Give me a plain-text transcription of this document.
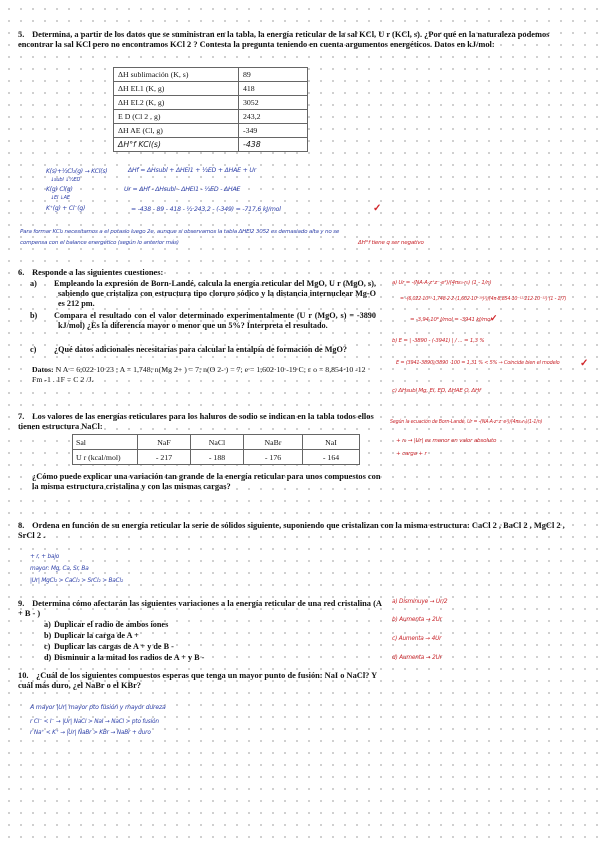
5. Determina, a partir de los datos que se suministran en la tabla, la energía reticular de la sal KCl, U r (KCl, s). ¿Por qué en la naturaleza podemos encontrar la sal KCl pero no encontramos KCl 2 ? Contesta la pregunta teniendo en cuenta argumentos energéticos. Datos en kJ/mol:
ΔH sublimación (K, s)	89
ΔH EI.1 (K, g)	418
ΔH EI.2 (K, g)	3052
E D (Cl 2 , g)	243,2
ΔH AE (Cl, g)	-349
ΔH°f KCl(s)	-438
K(s)+½Cl₂(g) → KCl(s)
↓subl ↓½ED
K(g) Cl(g)
↓EI ↓AE
K⁺(g) + Cl⁻(g)
ΔHf = ΔHsubl + ΔHEI1 + ½ED + ΔHAE + Ur
Ur = ΔHf - ΔHsubl - ΔHEI1 - ½ED - ΔHAE
= -438 - 89 - 418 - ½·243,2 - (-349) = -717,6 kJ/mol	✓
Para formar KCl₂ necesitamos a el potasio luego 2e, aunque si observamos la tabla ΔHEI2 3052 es demasiado alta y no se
compensa con el balance energético (según lo anterior más)	ΔH°f tiene q ser negativo
6. Responde a las siguientes cuestiones:
a) Empleando la expresión de Born-Landé, calcula la energía reticular del MgO, U r (MgO, s), sabiendo que cristaliza con estructura tipo cloruro sódico y la distancia internuclear Mg-O es 212 pm.
b) Compara el resultado con el valor determinado experimentalmente (U r (MgO, s) = -3890 kJ/mol) ¿Es la diferencia mayor o menor que un 5%? Interpreta el resultado.
c) ¿Qué datos adicionales necesitarías para calcular la entalpía de formación de MgO?
Datos: N A = 6,022·10 23 ; A = 1,748; n(Mg 2+ ) = 7; n(O 2- ) = 7; e = 1,602·10 -19 C; ε o = 8,854·10 -12 Fm -1 . 1F = C 2 /J.
a) Ur = -(NA·A·z⁺z⁻·e²)/(4πε₀·r₀) (1 - 1/n)
= -(6,022·10²³·1,748·2·2·(1,602·10⁻¹⁹)²)/(4π·8,854·10⁻¹²·212·10⁻¹²) (1 - 1/7)
= -3,94·10⁶ J/mol = -3941 kJ/mol
✓
b) E = | -3890 - (-3941) | / ... = 1,3 %
E = (3941-3890)/3890 ·100 = 1,31 % < 5% → Coincide bien el modelo ✓
c) ΔHsubl Mg, EI, ED, ΔHAE O, ΔHf
7. Los valores de las energías reticulares para los haluros de sodio se indican en la tabla todos ellos tienen estructura NaCl:
Sal	NaF	NaCl	NaBr	NaI
U r (kcal/mol)	- 217	- 188	- 176	- 164
¿Cómo puede explicar una variación tan grande de la energía reticular para unos compuestos con la misma estructura cristalina y con las mismas cargas?
Según la ecuación de Born-Landé, Ur = -(NA·A·z⁺z⁻e²)/(4πε₀r₀)(1-1/n)
+ r₀ → |Ur| es menor en valor absoluto
+ carga + r
8. Ordena en función de su energía reticular la serie de sólidos siguiente, suponiendo que cristalizan con la misma estructura: CaCl 2 , BaCl 2 , MgCl 2 , SrCl 2 .
+ r, + bajo
mayor: Mg, Ca, Sr, Ba
|Ur| MgCl₂ > CaCl₂ > SrCl₂ > BaCl₂
9. Determina cómo afectarán las siguientes variaciones a la energía reticular de una red cristalina (A + B - )
a) Duplicar el radio de ambos iones
b) Duplicar la carga de A +
c) Duplicar las cargas de A + y de B -
d) Disminuir a la mitad los radios de A + y B -
a) Disminuye → Ur/2
b) Aumenta → 2Ur
c) Aumenta → 4Ur
d) Aumenta → 2Ur
10. ¿Cuál de los siguientes compuestos esperas que tenga un mayor punto de fusión: NaI o NaCl? Y cuál más duro, ¿el NaBr o el KBr?
A mayor |Ur| mayor pto fusión y mayor dureza
r Cl⁻ < I⁻ → |Ur| NaCl > NaI → NaCl > pto fusión
r Na⁺ < K⁺ → |Ur| NaBr > KBr → NaBr + duro
